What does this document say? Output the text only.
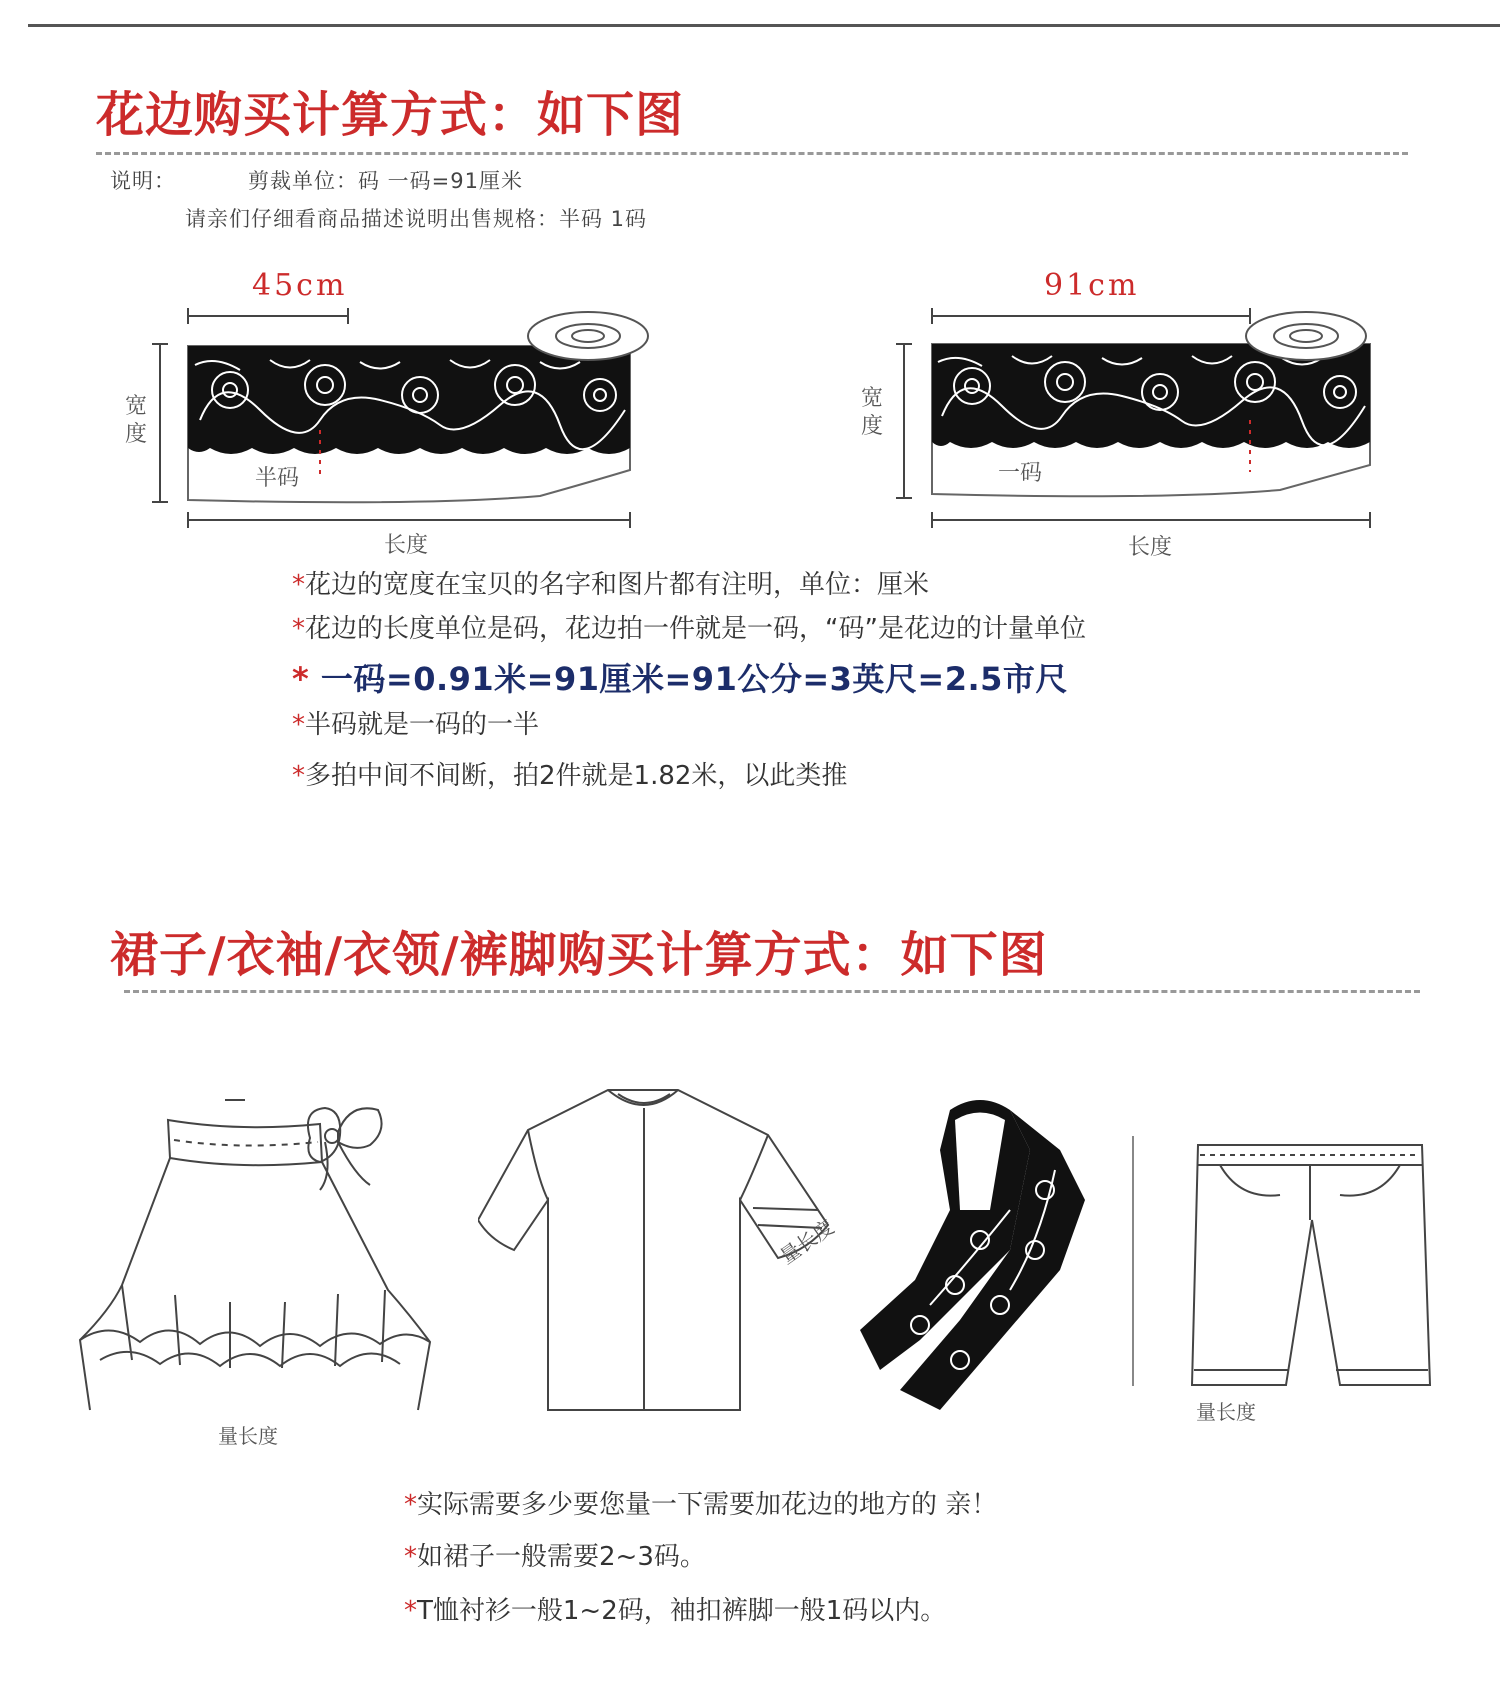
花边购买计算方式：如下图
说明：	剪裁单位：码 一码=91厘米
请亲们仔细看商品描述说明出售规格：半码 1码
45cm
宽度
半码
长度
91cm
宽度
一码
长度
*花边的宽度在宝贝的名字和图片都有注明，单位：厘米
*花边的长度单位是码，花边拍一件就是一码，“码”是花边的计量单位
* 一码=0.91米=91厘米=91公分=3英尺=2.5市尺
*半码就是一码的一半
*多拍中间不间断，拍2件就是1.82米，以此类推
裙子/衣袖/衣领/裤脚购买计算方式：如下图
量长度
量长度
量长度
*实际需要多少要您量一下需要加花边的地方的 亲！
*如裙子一般需要2~3码。
*T恤衬衫一般1~2码，袖扣裤脚一般1码以内。
